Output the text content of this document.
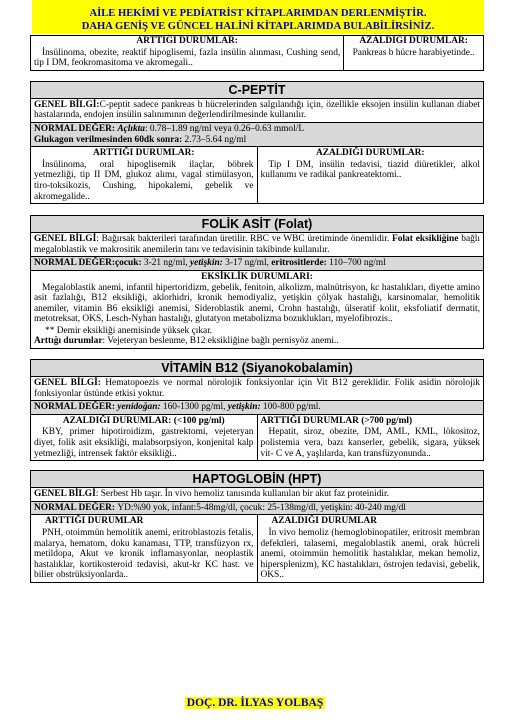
AİLE HEKİMİ VE PEDİATRİST KİTAPLARIMDAN DERLENMİŞTİR.
DAHA GENİŞ VE GÜNCEL HALİNİ KİTAPLARIMDA BULABİLİRSİNİZ.
ARTTIĞI DURUMLAR:
İnsülinoma, obezite, reaktif hipoglisemi, fazla insülin alınması, Cushing send, tip I DM, feokromasitoma ve akromegali..
AZALDIĞI DURUMLAR:
Pankreas b hücre harabiyetinde..
C-PEPTİT
GENEL BİLGİ:C-peptit sadece pankreas b hücrelerinden salgılandığı için, özellikle eksojen insülin kullanan diabet hastalarında, endojen insülin salınımının değerlendirilmesinde kullanılır.
NORMAL DEĞER: Açlıkta: 0.78–1.89 ng/ml veya 0.26–0.63 mmol/L
Glukagon verilmesinden 60dk sonra: 2.73–5.64 ng/ml
ARTTIĞI DURUMLAR:
İnsülinoma, oral hipoglisemik ilaçlar, böbrek yetmezliği, tip II DM, glukoz alımı, vagal stimülasyon, tiro-toksikozis, Cushing, hipokalemi, gebelik ve akromegalide..
AZALDIĞI DURUMLAR:
Tip I DM, insülin tedavisi, tiazid diüretikler, alkol kullanımı ve radikal pankreatektomi..
FOLİK ASİT (Folat)
GENEL BİLGİ: Bağırsak bakterileri tarafından üretilir. RBC ve WBC üretiminde önemlidir. Folat eksikliğine bağlı megaloblastik ve makrositik anemilerin tanı ve tedavisinin takibinde kullanılır.
NORMAL DEĞER:çocuk: 3-21 ng/ml, yetişkin: 3-17 ng/ml, eritrositlerde: 110–700 ng/ml
EKSİKLİK DURUMLARI:
Megaloblastik anemi, infantil hipertoridizm, gebelik, fenitoin, alkolizm, malnütrisyon, kc hastalıkları, diyette amino asit fazlalığı, B12 eksikliği, aklorhidri, kronik hemodiyaliz, yetişkin çölyak hastalığı, karsinomalar, hemolitik anemiler, vitamin B6 eksikliği anemisi, Sideroblastik anemi, Crohn hastalığı, ülseratif kolit, eksfoliatif dermatit, metotreksat, OKS, Lesch-Nyhan hastalığı, glutatyon metabolizma bozuklukları, myelofibrozis..
** Demir eksikliği anemisinde yüksek çıkar.
Arttığı durumlar: Vejeteryan beslenme, B12 eksikliğine bağlı pernisyöz anemi..
VİTAMİN B12 (Siyanokobalamin)
GENEL BİLGİ: Hematopoezis ve normal nörolojik fonksiyonlar için Vit B12 gereklidir. Folik asidin nörolojik fonksiyonlar üstünde etkisi yoktur.
NORMAL DEĞER: yenidoğan: 160-1300 pg/ml, yetişkin: 100-800 pg/ml.
AZALDIĞI DURUMLAR: (<100 pg/ml)
KBY, primer hipotiroidizm, gastrektomi, vejeteryan diyet, folik asit eksikliği, malabsorpsiyon, konjenital kalp yetmezliği, intrensek faktör eksikliği..
ARTTIĞI DURUMLAR (>700 pg/ml)
Hepatit, siroz, obezite, DM, AML, KML, lökositoz, polistemia vera, bazı kanserler, gebelik, sigara, yüksek vit- C ve A, yaşlılarda, kan transfüzyonunda..
HAPTOGLOBİN (HPT)
GENEL BİLGİ: Serbest Hb taşır. İn vivo hemoliz tanısında kullanılan bir akut faz proteinidir.
NORMAL DEĞER: YD:%90 yok, infant:5-48mg/dl, çocuk: 25-138mg/dl, yetişkin: 40-240 mg/dl
ARTTIĞI DURUMLAR
PNH, otoimmün hemolitik anemi, eritroblastozis fetalis, malarya, hematom, doku kanaması, TTP, transfüzyon rx, metildopa, Akut ve kronik inflamasyonlar, neoplastik hastalıklar, kortikosteroid tedavisi, akut-kr KC hast. ve bilier obstrüksiyonlarda..
AZALDIĞI DURUMLAR
İn vivo hemoliz (hemoglobinopatiler, eritrosit membran defektleri, talasemi, megaloblastik anemi, orak hücreli anemi, otoimmün hemolitik hastalıklar, mekan hemoliz, hipersplenizm), KC hastalıkları, östrojen tedavisi, gebelik, OKS..
DOÇ. DR. İLYAS YOLBAŞ
